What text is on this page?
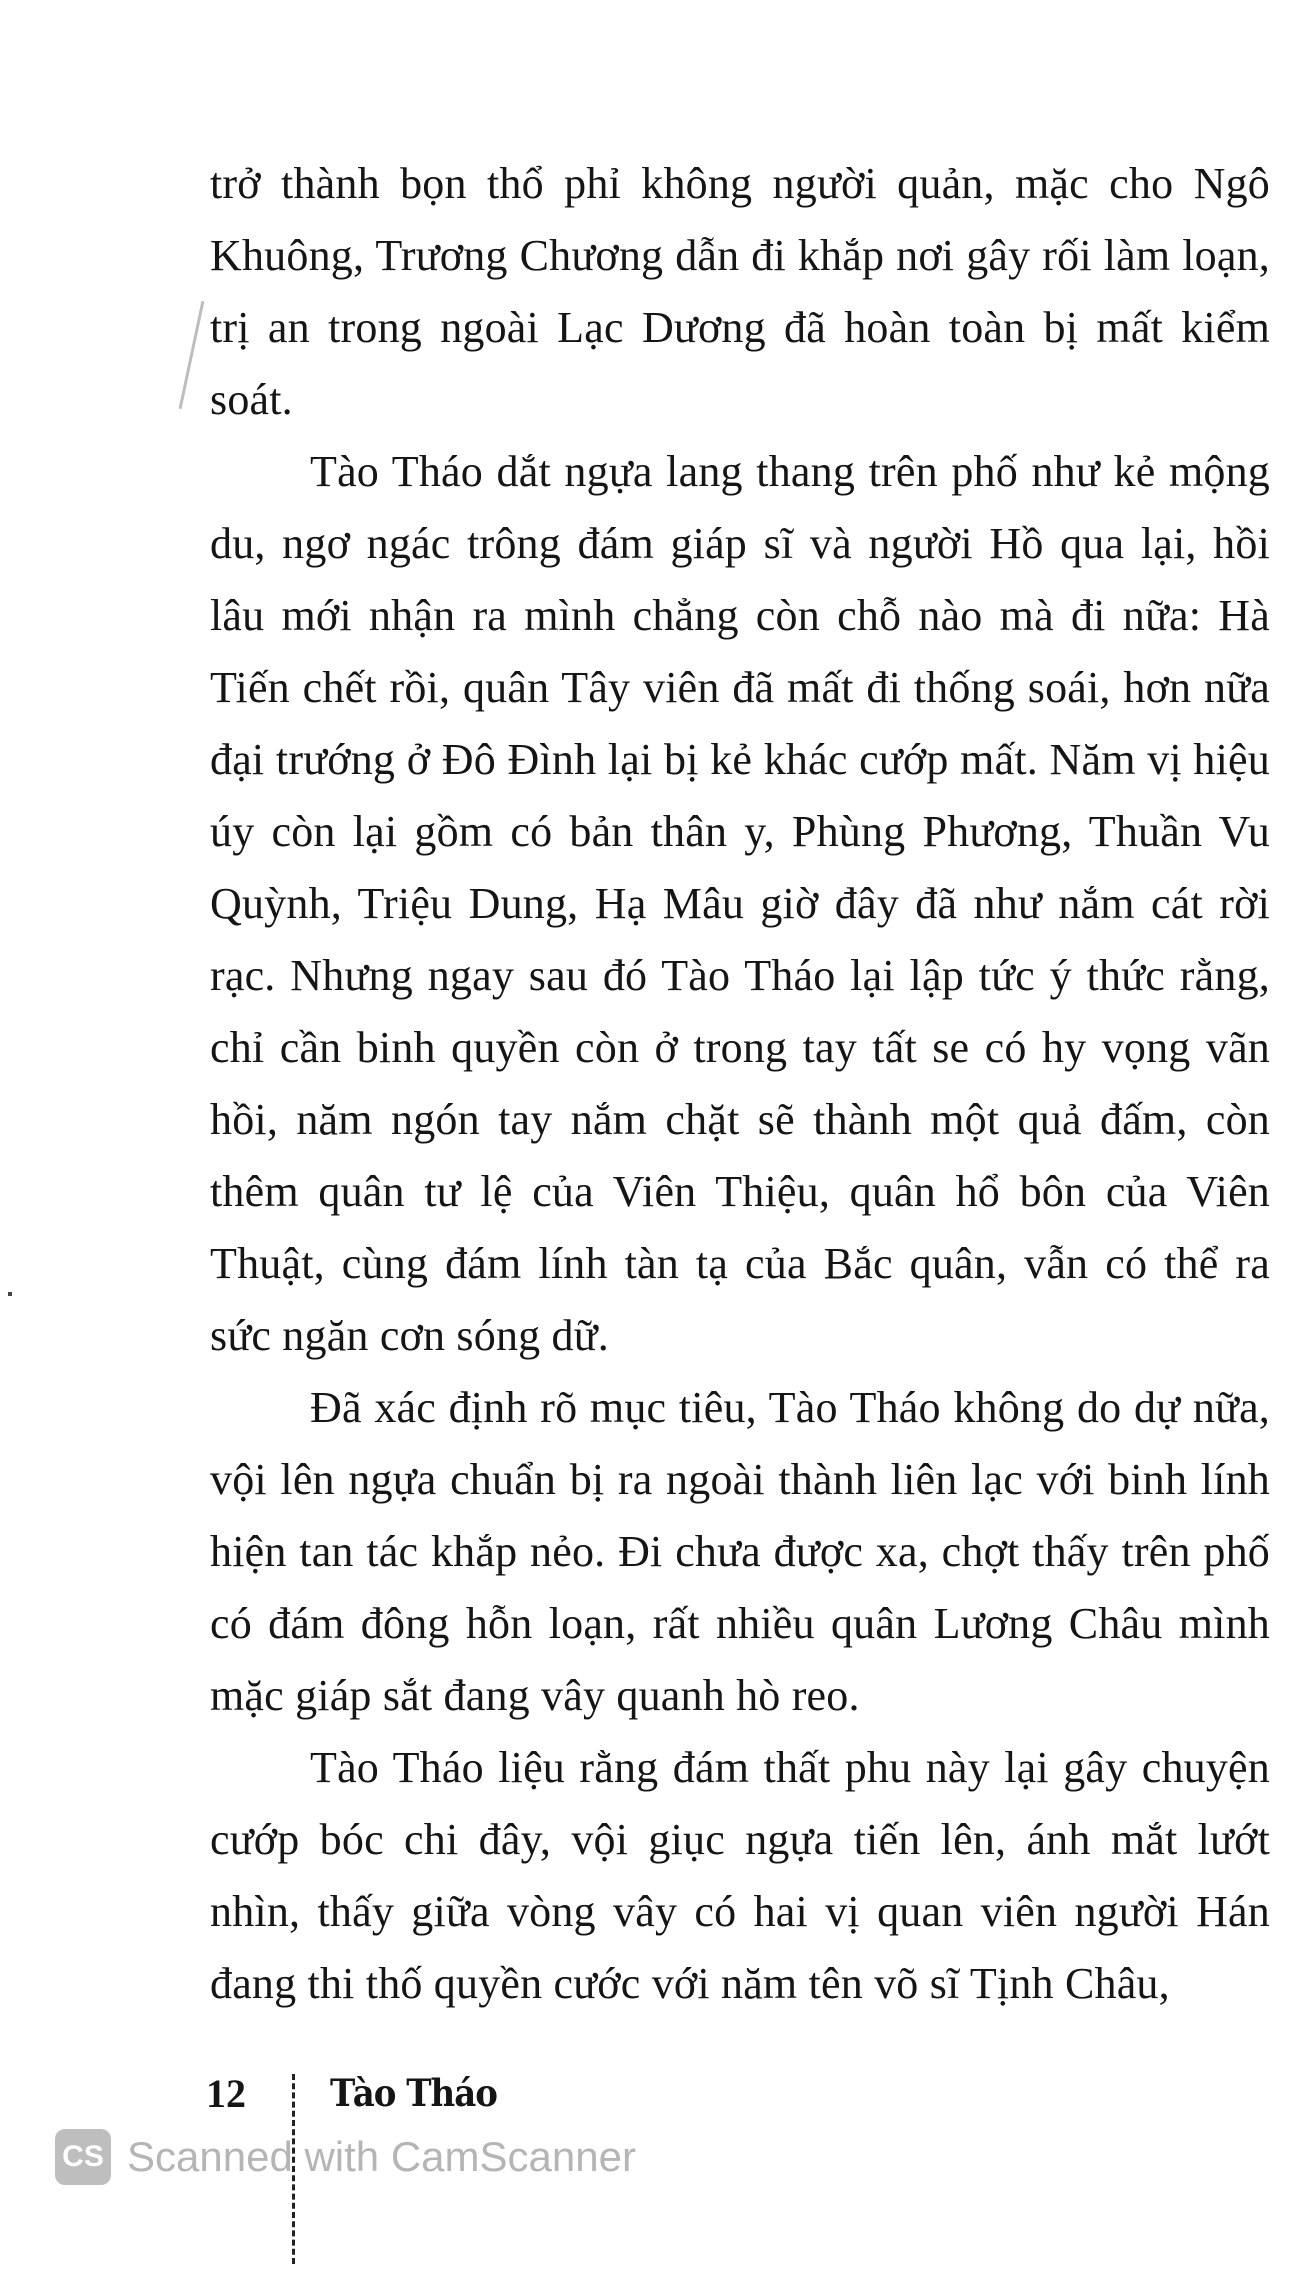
trở thành bọn thổ phỉ không người quản, mặc cho Ngô Khuông, Trương Chương dẫn đi khắp nơi gây rối làm loạn, trị an trong ngoài Lạc Dương đã hoàn toàn bị mất kiểm soát.

Tào Tháo dắt ngựa lang thang trên phố như kẻ mộng du, ngơ ngác trông đám giáp sĩ và người Hồ qua lại, hồi lâu mới nhận ra mình chẳng còn chỗ nào mà đi nữa: Hà Tiến chết rồi, quân Tây viên đã mất đi thống soái, hơn nữa đại trướng ở Đô Đình lại bị kẻ khác cướp mất. Năm vị hiệu úy còn lại gồm có bản thân y, Phùng Phương, Thuần Vu Quỳnh, Triệu Dung, Hạ Mâu giờ đây đã như nắm cát rời rạc. Nhưng ngay sau đó Tào Tháo lại lập tức ý thức rằng, chỉ cần binh quyền còn ở trong tay tất se có hy vọng vãn hồi, năm ngón tay nắm chặt sẽ thành một quả đấm, còn thêm quân tư lệ của Viên Thiệu, quân hổ bôn của Viên Thuật, cùng đám lính tàn tạ của Bắc quân, vẫn có thể ra sức ngăn cơn sóng dữ.

Đã xác định rõ mục tiêu, Tào Tháo không do dự nữa, vội lên ngựa chuẩn bị ra ngoài thành liên lạc với binh lính hiện tan tác khắp nẻo. Đi chưa được xa, chợt thấy trên phố có đám đông hỗn loạn, rất nhiều quân Lương Châu mình mặc giáp sắt đang vây quanh hò reo.

Tào Tháo liệu rằng đám thất phu này lại gây chuyện cướp bóc chi đây, vội giục ngựa tiến lên, ánh mắt lướt nhìn, thấy giữa vòng vây có hai vị quan viên người Hán đang thi thố quyền cước với năm tên võ sĩ Tịnh Châu,

12 Tào Tháo
CS Scanned with CamScanner
